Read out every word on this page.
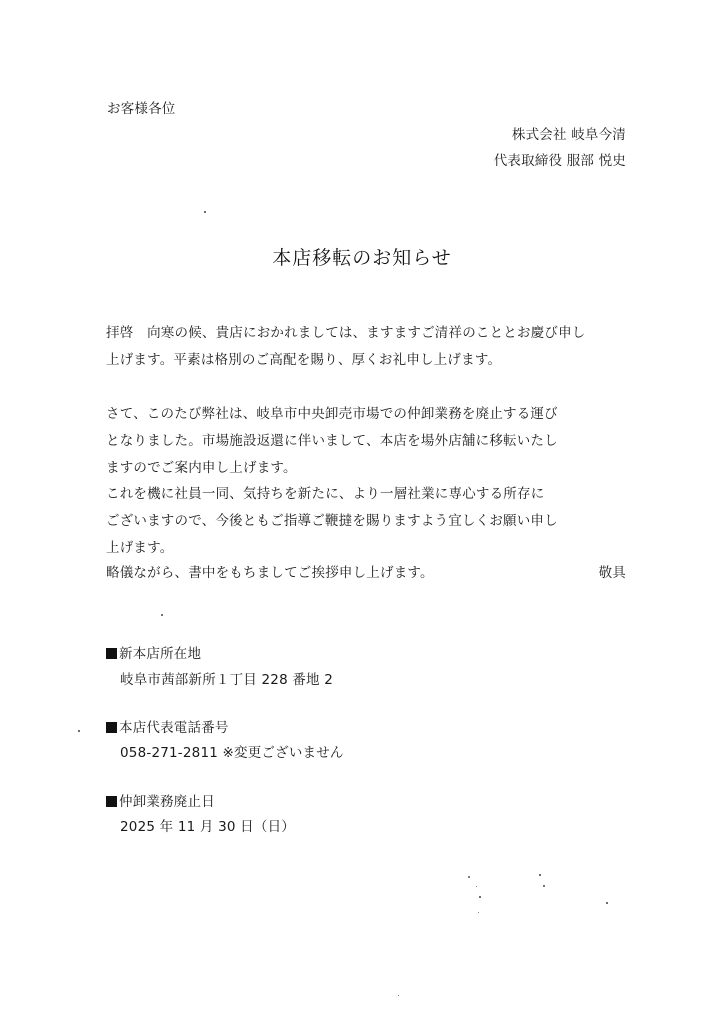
お客様各位
株式会社 岐阜今清
代表取締役 服部 悦史
本店移転のお知らせ
拝啓　向寒の候、貴店におかれましては、ますますご清祥のこととお慶び申し
上げます。平素は格別のご高配を賜り、厚くお礼申し上げます。
さて、このたび弊社は、岐阜市中央卸売市場での仲卸業務を廃止する運び
となりました。市場施設返還に伴いまして、本店を場外店舗に移転いたし
ますのでご案内申し上げます。
これを機に社員一同、気持ちを新たに、より一層社業に専心する所存に
ございますので、今後ともご指導ご鞭撻を賜りますよう宜しくお願い申し
上げます。
略儀ながら、書中をもちましてご挨拶申し上げます。	敬具
新本店所在地
岐阜市茜部新所１丁目 228 番地 2
本店代表電話番号
058-271-2811 ※変更ございません
仲卸業務廃止日
2025 年 11 月 30 日（日）
